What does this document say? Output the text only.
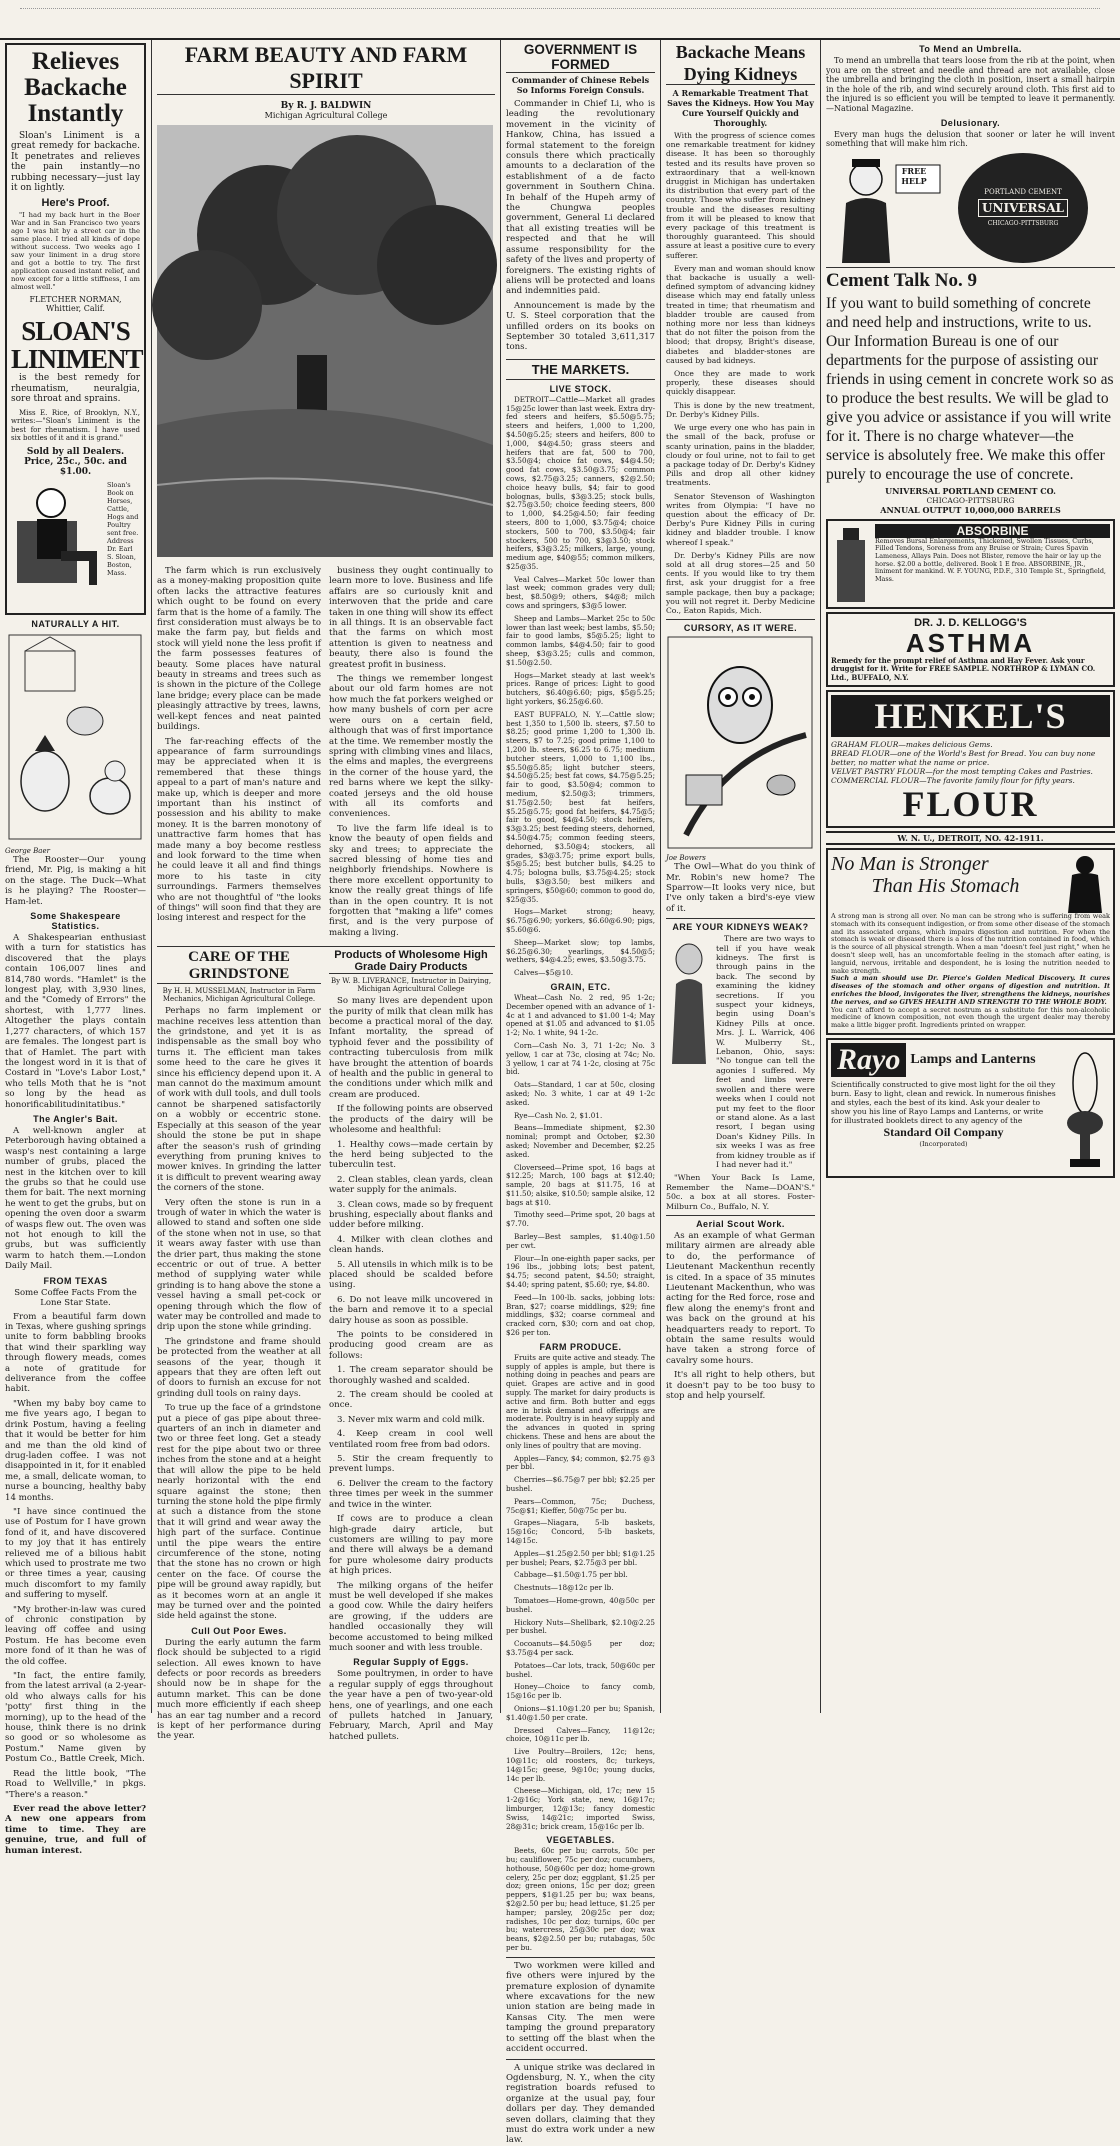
Relieves Backache Instantly

Sloan's Liniment is a great remedy for backache. It penetrates and relieves the pain instantly—no rubbing necessary—just lay it on lightly.

Here's Proof.

"I had my back hurt in the Boer War and in San Francisco two years ago I was hit by a street car in the same place. I tried all kinds of dope without success. Two weeks ago I saw your liniment in a drug store and got a bottle to try. The first application caused instant relief, and now except for a little stiffness, I am almost well."

FLETCHER NORMAN, Whittier, Calif.
SLOAN'S LINIMENT

is the best remedy for rheumatism, neuralgia, sore throat and sprains.

Miss E. Rice, of Brooklyn, N.Y., writes:—"Sloan's Liniment is the best for rheumatism. I have used six bottles of it and it is grand."

Sold by all Dealers. Price, 25c., 50c. and $1.00.
Sloan's Book on Horses, Cattle, Hogs and Poultry sent free. Address Dr. Earl S. Sloan, Boston, Mass.
NATURALLY A HIT.
George Baer

The Rooster—Our young friend, Mr. Pig, is making a hit on the stage. The Duck—What is he playing? The Rooster—Ham-let.

Some Shakespeare Statistics.

A Shakespearian enthusiast with a turn for statistics has discovered that the plays contain 106,007 lines and 814,780 words. "Hamlet" is the longest play, with 3,930 lines, and the "Comedy of Errors" the shortest, with 1,777 lines. Altogether the plays contain 1,277 characters, of which 157 are females. The longest part is that of Hamlet. The part with the longest word in it is that of Costard in "Love's Labor Lost," who tells Moth that he is "not so long by the head as honorificabilitudinitatibus."

The Angler's Bait.

A well-known angler at Peterborough having obtained a wasp's nest containing a large number of grubs, placed the nest in the kitchen over to kill the grubs so that he could use them for bait. The next morning he went to get the grubs, but on opening the oven door a swarm of wasps flew out. The oven was not hot enough to kill the grubs, but was sufficiently warm to hatch them.—London Daily Mail.

FROM TEXAS
Some Coffee Facts From the Lone Star State.

From a beautiful farm down in Texas, where gushing springs unite to form babbling brooks that wind their sparkling way through flowery meads, comes a note of gratitude for deliverance from the coffee habit.

"When my baby boy came to me five years ago, I began to drink Postum, having a feeling that it would be better for him and me than the old kind of drug-laden coffee. I was not disappointed in it, for it enabled me, a small, delicate woman, to nurse a bouncing, healthy baby 14 months.

"I have since continued the use of Postum for I have grown fond of it, and have discovered to my joy that it has entirely relieved me of a bilious habit which used to prostrate me two or three times a year, causing much discomfort to my family and suffering to myself.

"My brother-in-law was cured of chronic constipation by leaving off coffee and using Postum. He has become even more fond of it than he was of the old coffee.

"In fact, the entire family, from the latest arrival (a 2-year-old who always calls for his 'potty' first thing in the morning), up to the head of the house, think there is no drink so good or so wholesome as Postum." Name given by Postum Co., Battle Creek, Mich.

Read the little book, "The Road to Wellville," in pkgs. "There's a reason."

Ever read the above letter? A new one appears from time to time. They are genuine, true, and full of human interest.

FARM BEAUTY AND FARM SPIRIT
By R. J. BALDWIN
Michigan Agricultural College

The farm which is run exclusively as a money-making proposition quite often lacks the attractive features which ought to be found on every farm that is the home of a family. The first consideration must always be to make the farm pay, but fields and stock will yield none the less profit if the farm possesses features of beauty. Some places have natural beauty in streams and trees such as is shown in the picture of the College lane bridge; every place can be made pleasingly attractive by trees, lawns, well-kept fences and neat painted buildings.

The far-reaching effects of the appearance of farm surroundings may be appreciated when it is remembered that these things appeal to a part of man's nature and make up, which is deeper and more important than his instinct of possession and his ability to make money. It is the barren monotony of unattractive farm homes that has made many a boy become restless and look forward to the time when he could leave it all and find things more to his taste in city surroundings. Farmers themselves who are not thoughtful of "the looks of things" will soon find that they are losing interest and respect for the

business they ought continually to learn more to love. Business and life affairs are so curiously knit and interwoven that the pride and care taken in one thing will show its effect in all things. It is an observable fact that the farms on which most attention is given to neatness and beauty, there also is found the greatest profit in business.

The things we remember longest about our old farm homes are not how much the fat porkers weighed or how many bushels of corn per acre were ours on a certain field, although that was of first importance at the time. We remember mostly the spring with climbing vines and lilacs, the elms and maples, the evergreens in the corner of the house yard, the red barns where we kept the silky-coated jerseys and the old house with all its comforts and conveniences.

To live the farm life ideal is to know the beauty of open fields and sky and trees; to appreciate the sacred blessing of home ties and neighborly friendships. Nowhere is there more excellent opportunity to know the really great things of life than in the open country. It is not forgotten that "making a life" comes first, and is the very purpose of making a living.

CARE OF THE GRINDSTONE
By H. H. MUSSELMAN, Instructor in Farm Mechanics, Michigan Agricultural College.

Perhaps no farm implement or machine receives less attention than the grindstone, and yet it is as indispensable as the small boy who turns it. The efficient man takes some heed to the care he gives it since his efficiency depend upon it. A man cannot do the maximum amount of work with dull tools, and dull tools cannot be sharpened satisfactorily on a wobbly or eccentric stone. Especially at this season of the year should the stone be put in shape after the season's rush of grinding everything from pruning knives to mower knives. In grinding the latter it is difficult to prevent wearing away the corners of the stone.

Very often the stone is run in a trough of water in which the water is allowed to stand and soften one side of the stone when not in use, so that it wears away faster with use than the drier part, thus making the stone eccentric or out of true. A better method of supplying water while grinding is to hang above the stone a vessel having a small pet-cock or opening through which the flow of water may be controlled and made to drip upon the stone while grinding.

The grindstone and frame should be protected from the weather at all seasons of the year, though it appears that they are often left out of doors to furnish an excuse for not grinding dull tools on rainy days.

To true up the face of a grindstone put a piece of gas pipe about three-quarters of an inch in diameter and two or three feet long. Get a steady rest for the pipe about two or three inches from the stone and at a height that will allow the pipe to be held nearly horizontal with the end square against the stone; then turning the stone hold the pipe firmly at such a distance from the stone that it will grind and wear away the high part of the surface. Continue until the pipe wears the entire circumference of the stone, noting that the stone has no crown or high center on the face. Of course the pipe will be ground away rapidly, but as it becomes worn at an angle it may be turned over and the pointed side held against the stone.

Cull Out Poor Ewes.

During the early autumn the farm flock should be subjected to a rigid selection. All ewes known to have defects or poor records as breeders should now be in shape for the autumn market. This can be done much more efficiently if each sheep has an ear tag number and a record is kept of her performance during the year.

Products of Wholesome High Grade Dairy Products
By W. B. LIVERANCE, Instructor in Dairying, Michigan Agricultural College

So many lives are dependent upon the purity of milk that clean milk has become a practical moral of the day. Infant mortality, the spread of typhoid fever and the possibility of contracting tuberculosis from milk have brought the attention of boards of health and the public in general to the conditions under which milk and cream are produced.

If the following points are observed the products of the dairy will be wholesome and healthful:

1. Healthy cows—made certain by the herd being subjected to the tuberculin test.

2. Clean stables, clean yards, clean water supply for the animals.

3. Clean cows, made so by frequent brushing, especially about flanks and udder before milking.

4. Milker with clean clothes and clean hands.

5. All utensils in which milk is to be placed should be scalded before using.

6. Do not leave milk uncovered in the barn and remove it to a special dairy house as soon as possible.

The points to be considered in producing good cream are as follows:

1. The cream separator should be thoroughly washed and scalded.

2. The cream should be cooled at once.

3. Never mix warm and cold milk.

4. Keep cream in cool well ventilated room free from bad odors.

5. Stir the cream frequently to prevent lumps.

6. Deliver the cream to the factory three times per week in the summer and twice in the winter.

If cows are to produce a clean high-grade dairy article, but customers are willing to pay more and there will always be a demand for pure wholesome dairy products at high prices.

The milking organs of the heifer must be well developed if she makes a good cow. While the dairy heifers are growing, if the udders are handled occasionally they will become accustomed to being milked much sooner and with less trouble.

Regular Supply of Eggs.

Some poultrymen, in order to have a regular supply of eggs throughout the year have a pen of two-year-old hens, one of yearlings, and one each of pullets hatched in January, February, March, April and May hatched pullets.

GOVERNMENT IS FORMED
Commander of Chinese Rebels So Informs Foreign Consuls.

Commander in Chief Li, who is leading the revolutionary movement in the vicinity of Hankow, China, has issued a formal statement to the foreign consuls there which practically amounts to a declaration of the establishment of a de facto government in Southern China. In behalf of the Hupeh army of the Chungwa peoples government, General Li declared that all existing treaties will be respected and that he will assume responsibility for the safety of the lives and property of foreigners. The existing rights of aliens will be protected and loans and indemnities paid.

Announcement is made by the U. S. Steel corporation that the unfilled orders on its books on September 30 totaled 3,611,317 tons.

THE MARKETS.
LIVE STOCK.

DETROIT—Cattle—Market all grades 15@25c lower than last week. Extra dry-fed steers and heifers, $5.50@5.75; steers and heifers, 1,000 to 1,200, $4.50@5.25; steers and heifers, 800 to 1,000, $4@4.50; grass steers and heifers that are fat, 500 to 700, $3.50@4; choice fat cows, $4@4.50; good fat cows, $3.50@3.75; common cows, $2.75@3.25; canners, $2@2.50; choice heavy bulls, $4; fair to good bolognas, bulls, $3@3.25; stock bulls, $2.75@3.50; choice feeding steers, 800 to 1,000, $4.25@4.50; fair feeding steers, 800 to 1,000, $3.75@4; choice stockers, 500 to 700, $3.50@4; fair stockers, 500 to 700, $3@3.50; stock heifers, $3@3.25; milkers, large, young, medium age, $40@55; common milkers, $25@35.

Veal Calves—Market 50c lower than last week; common grades very dull; best, $8.50@9; others, $4@8; milch cows and springers, $3@5 lower.

Sheep and Lambs—Market 25c to 50c lower than last week; best lambs, $5.50; fair to good lambs, $5@5.25; light to common lambs, $4@4.50; fair to good sheep, $3@3.25; culls and common, $1.50@2.50.

Hogs—Market steady at last week's prices. Range of prices: Light to good butchers, $6.40@6.60; pigs, $5@5.25; light yorkers, $6.25@6.60.

EAST BUFFALO, N. Y.—Cattle slow; best 1,350 to 1,500 lb. steers, $7.50 to $8.25; good prime 1,200 to 1,300 lb. steers, $7 to 7.25; good prime 1,100 to 1,200 lb. steers, $6.25 to 6.75; medium butcher steers, 1,000 to 1,100 lbs., $5.50@5.85; light butcher steers, $4.50@5.25; best fat cows, $4.75@5.25; fair to good, $3.50@4; common to medium, $2.50@3; trimmers, $1.75@2.50; best fat heifers, $5.25@5.75; good fat heifers, $4.75@5; fair to good, $4@4.50; stock heifers, $3@3.25; best feeding steers, dehorned, $4.50@4.75; common feeding steers, dehorned, $3.50@4; stockers, all grades, $3@3.75; prime export bulls, $5@5.25; best butcher bulls, $4.25 to 4.75; bologna bulls, $3.75@4.25; stock bulls, $3@3.50; best milkers and springers, $50@60; common to good do, $25@35.

Hogs—Market strong; heavy, $6.75@6.90; yorkers, $6.60@6.90; pigs, $5.60@6.

Sheep—Market slow; top lambs, $6.25@6.30; yearlings, $4.50@5; wethers, $4@4.25; ewes, $3.50@3.75.

Calves—$5@10.

GRAIN, ETC.

Wheat—Cash No. 2 red, 95 1-2c; December opened with an advance of 1-4c at 1 and advanced to $1.00 1-4; May opened at $1.05 and advanced to $1.05 1-2; No. 1 white, 94 1-2c.

Corn—Cash No. 3, 71 1-2c; No. 3 yellow, 1 car at 73c, closing at 74c; No. 3 yellow, 1 car at 74 1-2c, closing at 75c bid.

Oats—Standard, 1 car at 50c, closing asked; No. 3 white, 1 car at 49 1-2c asked.

Rye—Cash No. 2, $1.01.

Beans—Immediate shipment, $2.30 nominal; prompt and October, $2.30 asked; November and December, $2.25 asked.

Cloverseed—Prime spot, 16 bags at $12.25; March, 100 bags at $12.40; sample, 20 bags at $11.75, 16 at $11.50; alsike, $10.50; sample alsike, 12 bags at $10.

Timothy seed—Prime spot, 20 bags at $7.70.

Barley—Best samples, $1.40@1.50 per cwt.

Flour—In one-eighth paper sacks, per 196 lbs., jobbing lots; best patent, $4.75; second patent, $4.50; straight, $4.40; spring patent, $5.60; rye, $4.80.

Feed—In 100-lb. sacks, jobbing lots: Bran, $27; coarse middlings, $29; fine middlings, $32; coarse cornmeal and cracked corn, $30; corn and oat chop, $26 per ton.

FARM PRODUCE.

Fruits are quite active and steady. The supply of apples is ample, but there is nothing doing in peaches and pears are quiet. Grapes are active and in good supply. The market for dairy products is active and firm. Both butter and eggs are in brisk demand and offerings are moderate. Poultry is in heavy supply and the advances in quoted in spring chickens. These and hens are about the only lines of poultry that are moving.

Apples—Fancy, $4; common, $2.75 @3 per bbl.

Cherries—$6.75@7 per bbl; $2.25 per bushel.

Pears—Common, 75c; Duchess, 75c@$1; Kieffer, 50@75c per bu.

Grapes—Niagara, 5-lb baskets, 15@16c; Concord, 5-lb baskets, 14@15c.

Apples—$1.25@2.50 per bbl; $1@1.25 per bushel; Pears, $2.75@3 per bbl.

Cabbage—$1.50@1.75 per bbl.

Chestnuts—18@12c per lb.

Tomatoes—Home-grown, 40@50c per bushel.

Hickory Nuts—Shellbark, $2.10@2.25 per bushel.

Cocoanuts—$4.50@5 per doz; $3.75@4 per sack.

Potatoes—Car lots, track, 50@60c per bushel.

Honey—Choice to fancy comb, 15@16c per lb.

Onions—$1.10@1.20 per bu; Spanish, $1.40@1.50 per crate.

Dressed Calves—Fancy, 11@12c; choice, 10@11c per lb.

Live Poultry—Broilers, 12c; hens, 10@11c; old roosters, 8c; turkeys, 14@15c; geese, 9@10c; young ducks, 14c per lb.

Cheese—Michigan, old, 17c; new 15 1-2@16c; York state, new, 16@17c; limburger, 12@13c; fancy domestic Swiss, 14@21c; imported Swiss, 28@31c; brick cream, 15@16c per lb.

VEGETABLES.

Beets, 60c per bu; carrots, 50c per bu; cauliflower, 75c per doz; cucumbers, hothouse, 50@60c per doz; home-grown celery, 25c per doz; eggplant, $1.25 per doz; green onions, 15c per doz; green peppers, $1@1.25 per bu; wax beans, $2@2.50 per bu; head lettuce, $1.25 per hamper; parsley, 20@25c per doz; radishes, 10c per doz; turnips, 60c per bu; watercress, 25@30c per doz; wax beans, $2@2.50 per bu; rutabagas, 50c per bu.

Two workmen were killed and five others were injured by the premature explosion of dynamite where excavations for the new union station are being made in Kansas City. The men were tamping the ground preparatory to setting off the blast when the accident occurred.

A unique strike was declared in Ogdensburg, N. Y., when the city registration boards refused to organize at the usual pay, four dollars per day. They demanded seven dollars, claiming that they must do extra work under a new law.

Backache Means
Dying Kidneys
A Remarkable Treatment That Saves the Kidneys. How You May Cure Yourself Quickly and Thoroughly.

With the progress of science comes one remarkable treatment for kidney disease. It has been so thoroughly tested and its results have proven so extraordinary that a well-known druggist in Michigan has undertaken its distribution that every part of the country. Those who suffer from kidney trouble and the diseases resulting from it will be pleased to know that every package of this treatment is thoroughly guaranteed. This should assure at least a positive cure to every sufferer.

Every man and woman should know that backache is usually a well-defined symptom of advancing kidney disease which may end fatally unless treated in time; that rheumatism and bladder trouble are caused from nothing more nor less than kidneys that do not filter the poison from the blood; that dropsy, Bright's disease, diabetes and bladder-stones are caused by bad kidneys.

Once they are made to work properly, these diseases should quickly disappear.

This is done by the new treatment, Dr. Derby's Kidney Pills.

We urge every one who has pain in the small of the back, profuse or scanty urination, pains in the bladder, cloudy or foul urine, not to fail to get a package today of Dr. Derby's Kidney Pills and drop all other kidney treatments.

Senator Stevenson of Washington writes from Olympia: "I have no question about the efficacy of Dr. Derby's Pure Kidney Pills in curing kidney and bladder trouble. I know whereof I speak."

Dr. Derby's Kidney Pills are now sold at all drug stores—25 and 50 cents. If you would like to try them first, ask your druggist for a free sample package, then buy a package; you will not regret it. Derby Medicine Co., Eaton Rapids, Mich.

CURSORY, AS IT WERE.
Joe Bowers

The Owl—What do you think of Mr. Robin's new home? The Sparrow—It looks very nice, but I've only taken a bird's-eye view of it.

ARE YOUR KIDNEYS WEAK?

There are two ways to tell if you have weak kidneys. The first is through pains in the back. The second by examining the kidney secretions. If you suspect your kidneys, begin using Doan's Kidney Pills at once. Mrs. J. L. Warrick, 406 W. Mulberry St., Lebanon, Ohio, says: "No tongue can tell the agonies I suffered. My feet and limbs were swollen and there were weeks when I could not put my feet to the floor or stand alone. As a last resort, I began using Doan's Kidney Pills. In six weeks I was as free from kidney trouble as if I had never had it."

"When Your Back Is Lame, Remember the Name—DOAN'S." 50c. a box at all stores. Foster-Milburn Co., Buffalo, N. Y.

Aerial Scout Work.

As an example of what German military airmen are already able to do, the performance of Lieutenant Mackenthun recently is cited. In a space of 35 minutes Lieutenant Mackenthun, who was acting for the Red force, rose and flew along the enemy's front and was back on the ground at his headquarters ready to report. To obtain the same results would have taken a strong force of cavalry some hours.

It's all right to help others, but it doesn't pay to be too busy to stop and help yourself.

To Mend an Umbrella.

To mend an umbrella that tears loose from the rib at the point, when you are on the street and needle and thread are not available, close the umbrella and bringing the cloth in position, insert a small hairpin in the hole of the rib, and wind securely around cloth. This first aid to the injured is so efficient you will be tempted to leave it permanently.—National Magazine.

Delusionary.

Every man hugs the delusion that sooner or later he will invent something that will make him rich.

FREE HELP
PORTLAND CEMENT
UNIVERSAL
CHICAGO-PITTSBURG
Cement Talk No. 9
If you want to build something of concrete and need help and instructions, write to us. Our Information Bureau is one of our departments for the purpose of assisting our friends in using cement in concrete work so as to produce the best results. We will be glad to give you advice or assistance if you will write for it. There is no charge whatever—the service is absolutely free. We make this offer purely to encourage the use of concrete.
UNIVERSAL PORTLAND CEMENT CO.
CHICAGO-PITTSBURG
ANNUAL OUTPUT 10,000,000 BARRELS
ABSORBINE
Removes Bursal Enlargements, Thickened, Swollen Tissues, Curbs, Filled Tendons, Soreness from any Bruise or Strain; Cures Spavin Lameness, Allays Pain. Does not Blister, remove the hair or lay up the horse. $2.00 a bottle, delivered. Book 1 E free. ABSORBINE, JR., liniment for mankind. W. F. YOUNG, P.D.F., 310 Temple St., Springfield, Mass.
DR. J. D. KELLOGG'S
ASTHMA
Remedy for the prompt relief of Asthma and Hay Fever. Ask your druggist for it. Write for FREE SAMPLE. NORTHROP & LYMAN CO. Ltd., BUFFALO, N.Y.
HENKEL'S
GRAHAM FLOUR—makes delicious Gems.
BREAD FLOUR—one of the World's Best for Bread. You can buy none better, no matter what the name or price.
VELVET PASTRY FLOUR—for the most tempting Cakes and Pastries.
COMMERCIAL FLOUR—The favorite family flour for fifty years.
FLOUR
W. N. U., DETROIT, NO. 42-1911.
No Man is Stronger
Than His Stomach
A strong man is strong all over. No man can be strong who is suffering from weak stomach with its consequent indigestion, or from some other disease of the stomach and its associated organs, which impairs digestion and nutrition. For when the stomach is weak or diseased there is a loss of the nutrition contained in food, which is the source of all physical strength. When a man "doesn't feel just right," when he doesn't sleep well, has an uncomfortable feeling in the stomach after eating, is languid, nervous, irritable and despondent, he is losing the nutrition needed to make strength.
Such a man should use Dr. Pierce's Golden Medical Discovery. It cures diseases of the stomach and other organs of digestion and nutrition. It enriches the blood, invigorates the liver, strengthens the kidneys, nourishes the nerves, and so GIVES HEALTH AND STRENGTH TO THE WHOLE BODY.
You can't afford to accept a secret nostrum as a substitute for this non-alcoholic medicine of known composition, not even though the urgent dealer may thereby make a little bigger profit. Ingredients printed on wrapper.
Rayo Lamps and Lanterns
Scientifically constructed to give most light for the oil they burn. Easy to light, clean and rewick. In numerous finishes and styles, each the best of its kind. Ask your dealer to show you his line of Rayo Lamps and Lanterns, or write for illustrated booklets direct to any agency of the
Standard Oil Company
(Incorporated)
